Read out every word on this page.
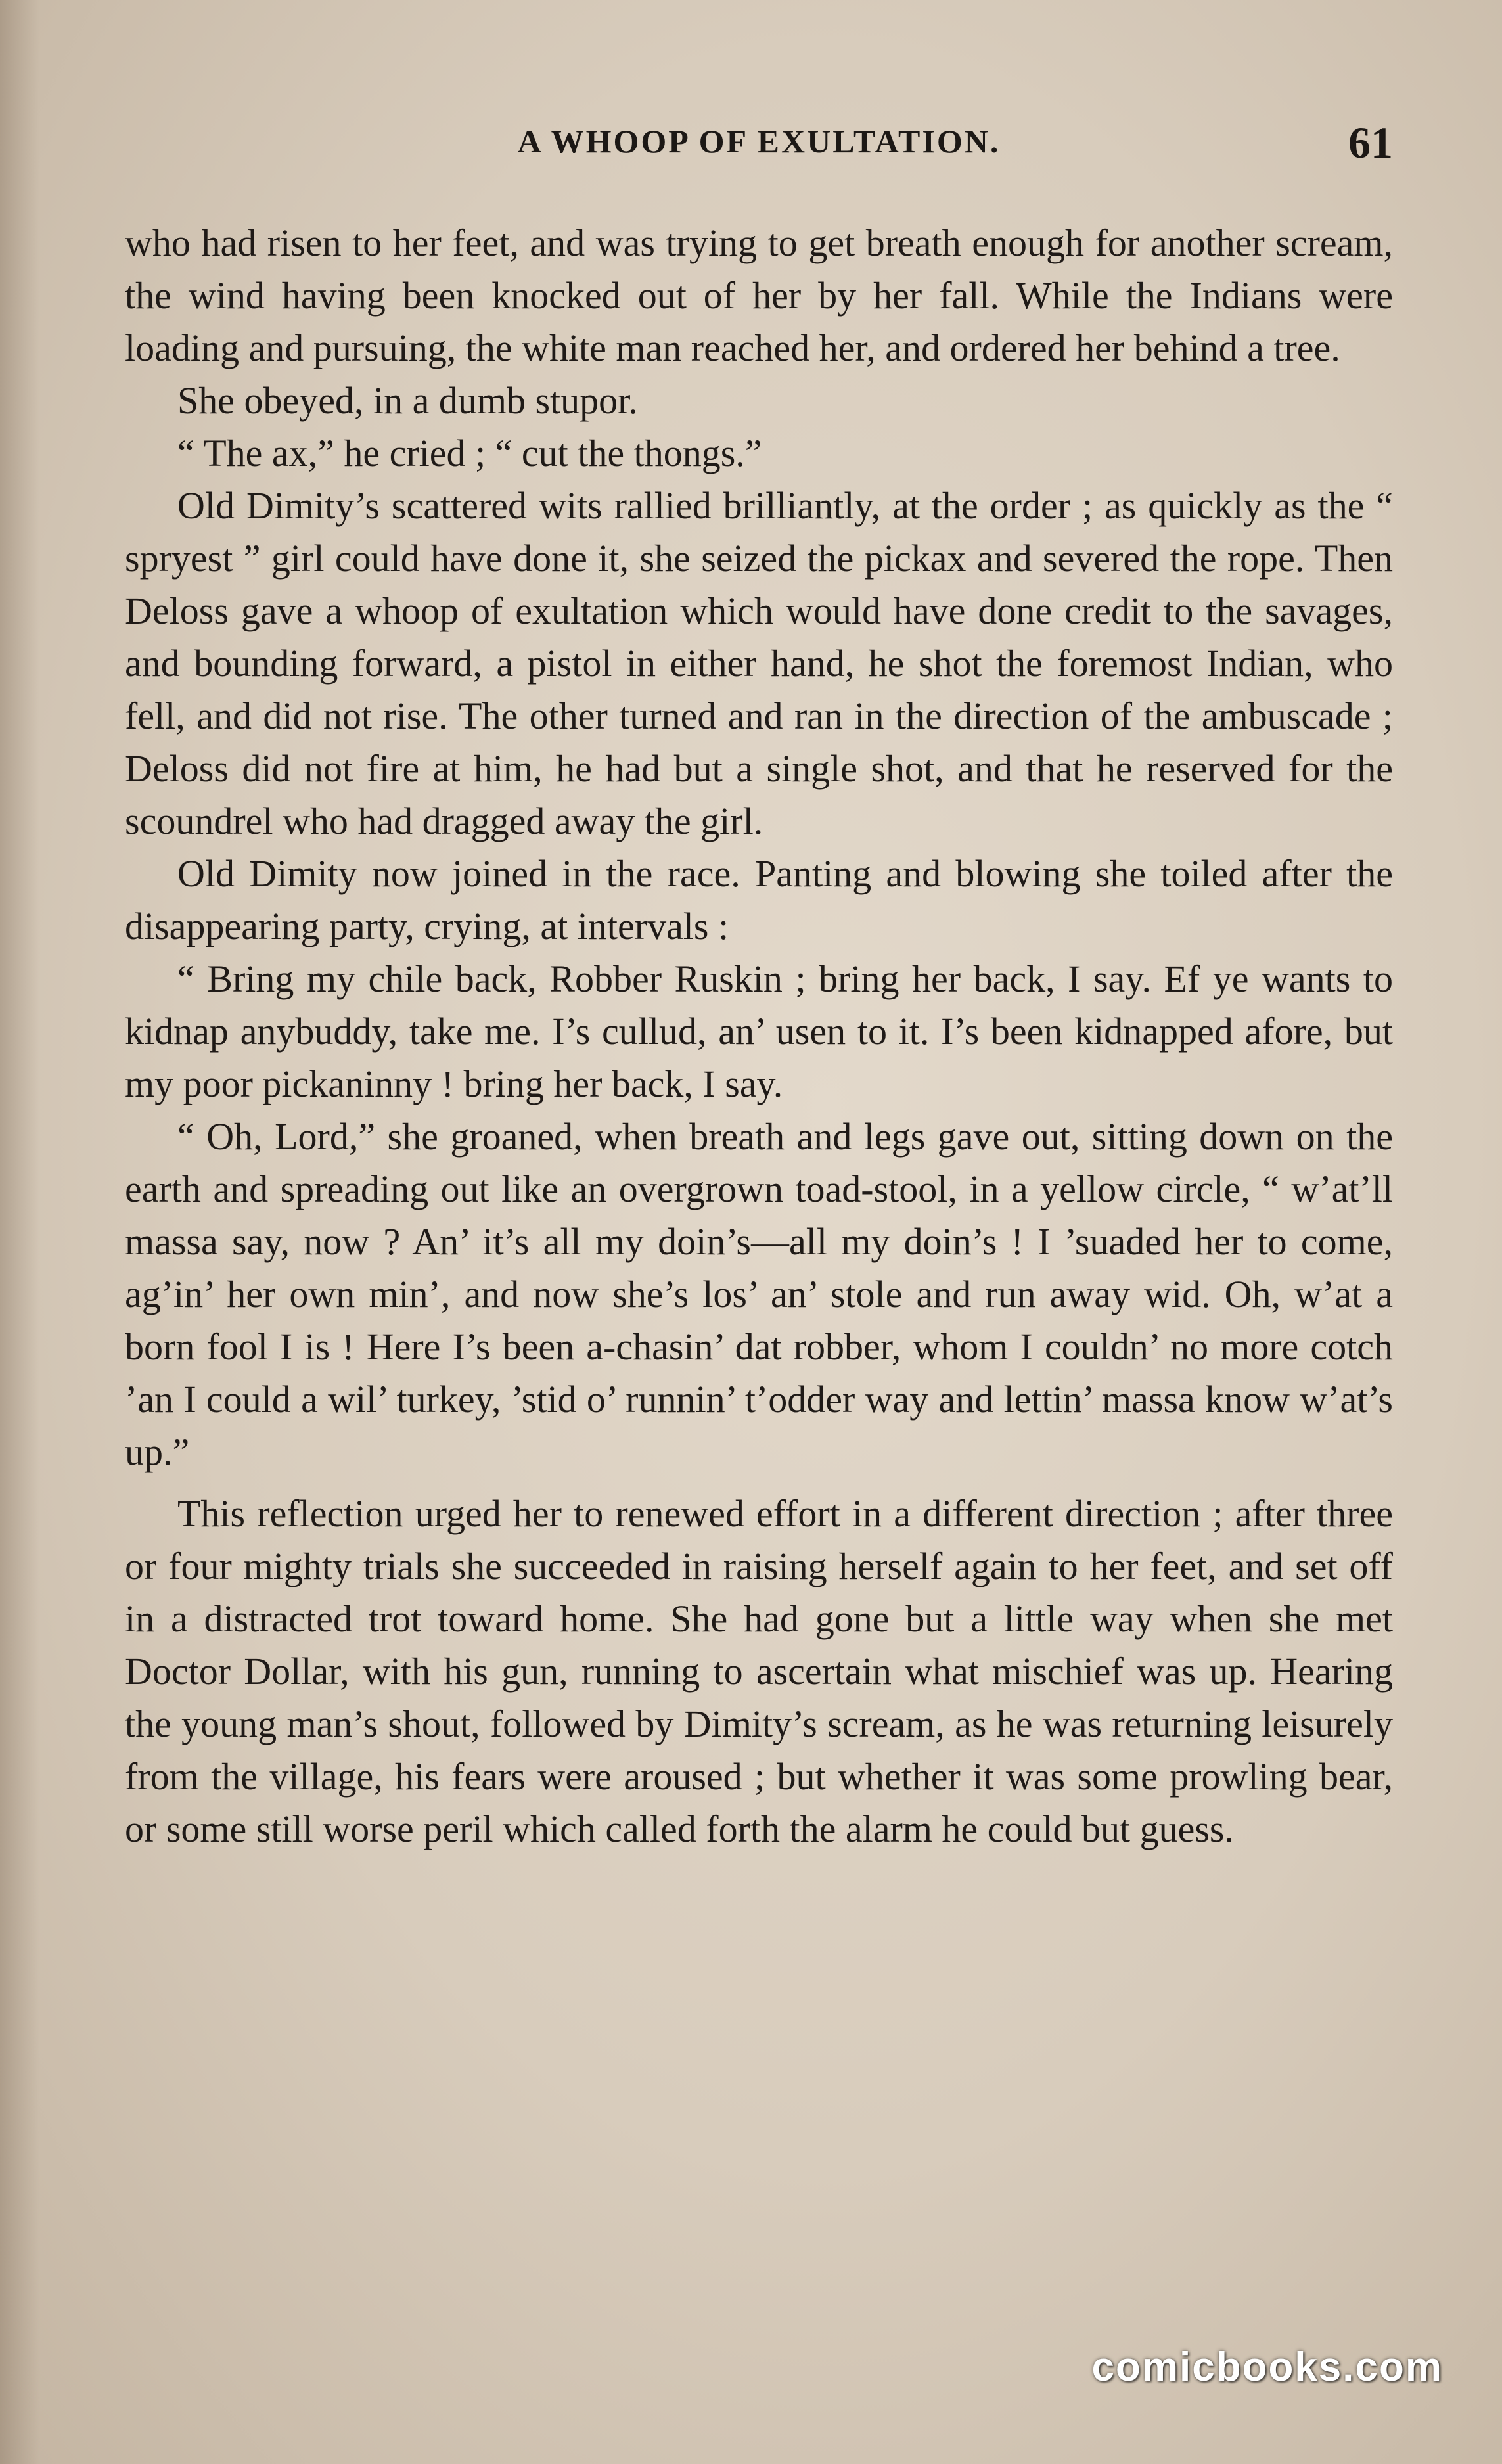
A WHOOP OF EXULTATION.	61

who had risen to her feet, and was trying to get breath enough for another scream, the wind having been knocked out of her by her fall. While the Indians were loading and pursuing, the white man reached her, and ordered her behind a tree.

She obeyed, in a dumb stupor.

“ The ax,” he cried ; “ cut the thongs.”

Old Dimity’s scattered wits rallied brilliantly, at the order ; as quickly as the “ spryest ” girl could have done it, she seized the pickax and severed the rope. Then Deloss gave a whoop of exultation which would have done credit to the savages, and bounding forward, a pistol in either hand, he shot the foremost Indian, who fell, and did not rise. The other turned and ran in the direction of the ambuscade ; Deloss did not fire at him, he had but a single shot, and that he reserved for the scoundrel who had dragged away the girl.

Old Dimity now joined in the race. Panting and blowing she toiled after the disappearing party, crying, at intervals :

“ Bring my chile back, Robber Ruskin ; bring her back, I say. Ef ye wants to kidnap anybuddy, take me. I’s cullud, an’ usen to it. I’s been kidnapped afore, but my poor pickaninny ! bring her back, I say.

“ Oh, Lord,” she groaned, when breath and legs gave out, sitting down on the earth and spreading out like an overgrown toad-stool, in a yellow circle, “ w’at’ll massa say, now ? An’ it’s all my doin’s—all my doin’s ! I ’suaded her to come, ag’in’ her own min’, and now she’s los’ an’ stole and run away wid. Oh, w’at a born fool I is ! Here I’s been a-chasin’ dat robber, whom I couldn’ no more cotch ’an I could a wil’ turkey, ’stid o’ runnin’ t’odder way and lettin’ massa know w’at’s up.”

This reflection urged her to renewed effort in a different direction ; after three or four mighty trials she succeeded in raising herself again to her feet, and set off in a distracted trot toward home. She had gone but a little way when she met Doctor Dollar, with his gun, running to ascertain what mischief was up. Hearing the young man’s shout, followed by Dimity’s scream, as he was returning leisurely from the village, his fears were aroused ; but whether it was some prowling bear, or some still worse peril which called forth the alarm he could but guess.

comicbooks.com
